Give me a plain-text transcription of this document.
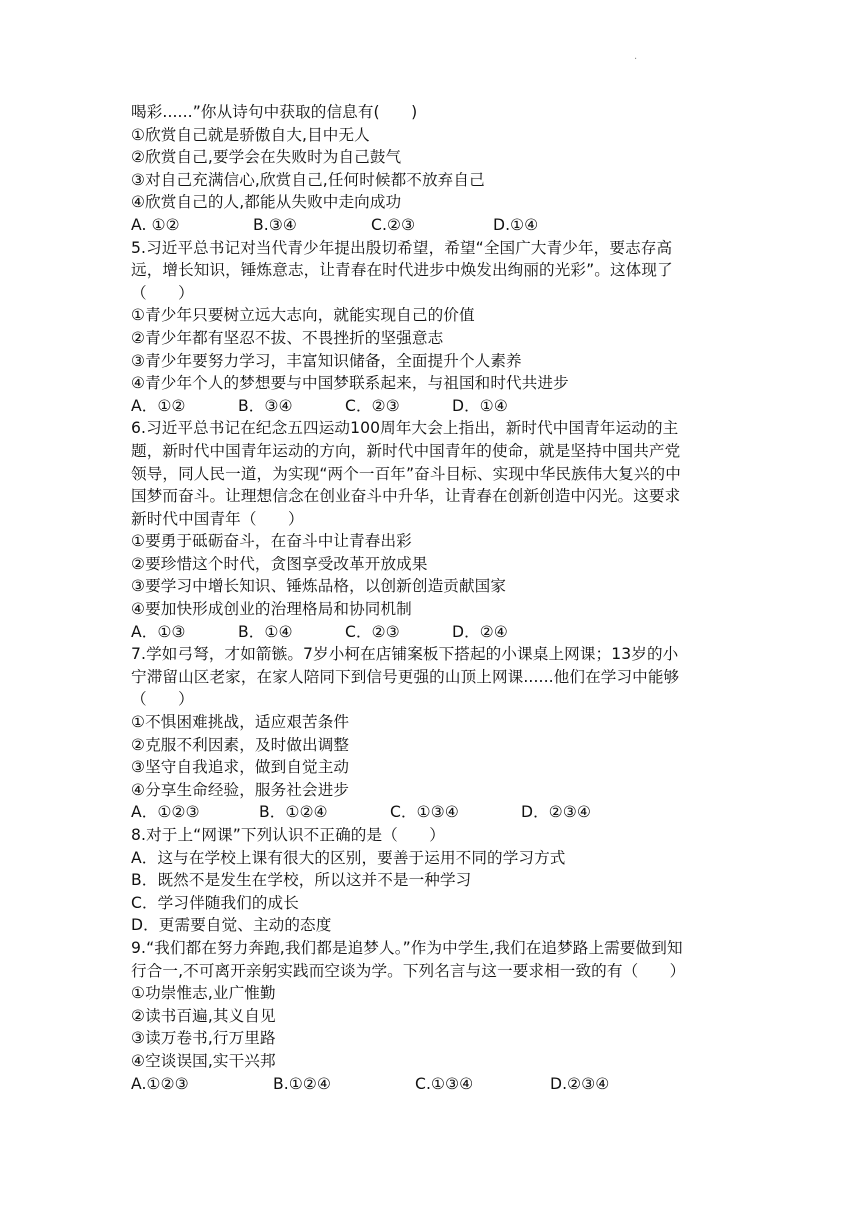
·
喝彩......”你从诗句中获取的信息有(　　)
①欣赏自己就是骄傲自大,目中无人
②欣赏自己,要学会在失败时为自己鼓气
③对自己充满信心,欣赏自己,任何时候都不放弃自己
④欣赏自己的人,都能从失败中走向成功
A. ①②	B.③④	C.②③	D.①④
5.习近平总书记对当代青少年提出殷切希望，希望“全国广大青少年，要志存高
远，增长知识，锤炼意志，让青春在时代进步中焕发出绚丽的光彩”。这体现了
（　　）
①青少年只要树立远大志向，就能实现自己的价值
②青少年都有坚忍不拔、不畏挫折的坚强意志
③青少年要努力学习，丰富知识储备，全面提升个人素养
④青少年个人的梦想要与中国梦联系起来，与祖国和时代共进步
A．①②	B．③④	C．②③	D．①④
6.习近平总书记在纪念五四运动100周年大会上指出，新时代中国青年运动的主
题，新时代中国青年运动的方向，新时代中国青年的使命，就是坚持中国共产党
领导，同人民一道，为实现“两个一百年”奋斗目标、实现中华民族伟大复兴的中
国梦而奋斗。让理想信念在创业奋斗中升华，让青春在创新创造中闪光。这要求
新时代中国青年（　　）
①要勇于砥砺奋斗，在奋斗中让青春出彩
②要珍惜这个时代，贪图享受改革开放成果
③要学习中增长知识、锤炼品格，以创新创造贡献国家
④要加快形成创业的治理格局和协同机制
A．①③	B．①④	C．②③	D．②④
7.学如弓弩，才如箭镞。7岁小柯在店铺案板下搭起的小课桌上网课；13岁的小
宁滞留山区老家，在家人陪同下到信号更强的山顶上网课......他们在学习中能够
（　　）
①不惧困难挑战，适应艰苦条件
②克服不利因素，及时做出调整
③坚守自我追求，做到自觉主动
④分享生命经验，服务社会进步
A．①②③	B．①②④	C．①③④	D．②③④
8.对于上“网课”下列认识不正确的是（　　）
A．这与在学校上课有很大的区别，要善于运用不同的学习方式
B．既然不是发生在学校，所以这并不是一种学习
C．学习伴随我们的成长
D．更需要自觉、主动的态度
9.“我们都在努力奔跑,我们都是追梦人。”作为中学生,我们在追梦路上需要做到知
行合一,不可离开亲躬实践而空谈为学。下列名言与这一要求相一致的有（　　）
①功崇惟志,业广惟勤
②读书百遍,其义自见
③读万卷书,行万里路
④空谈误国,实干兴邦
A.①②③	B.①②④	C.①③④	D.②③④
